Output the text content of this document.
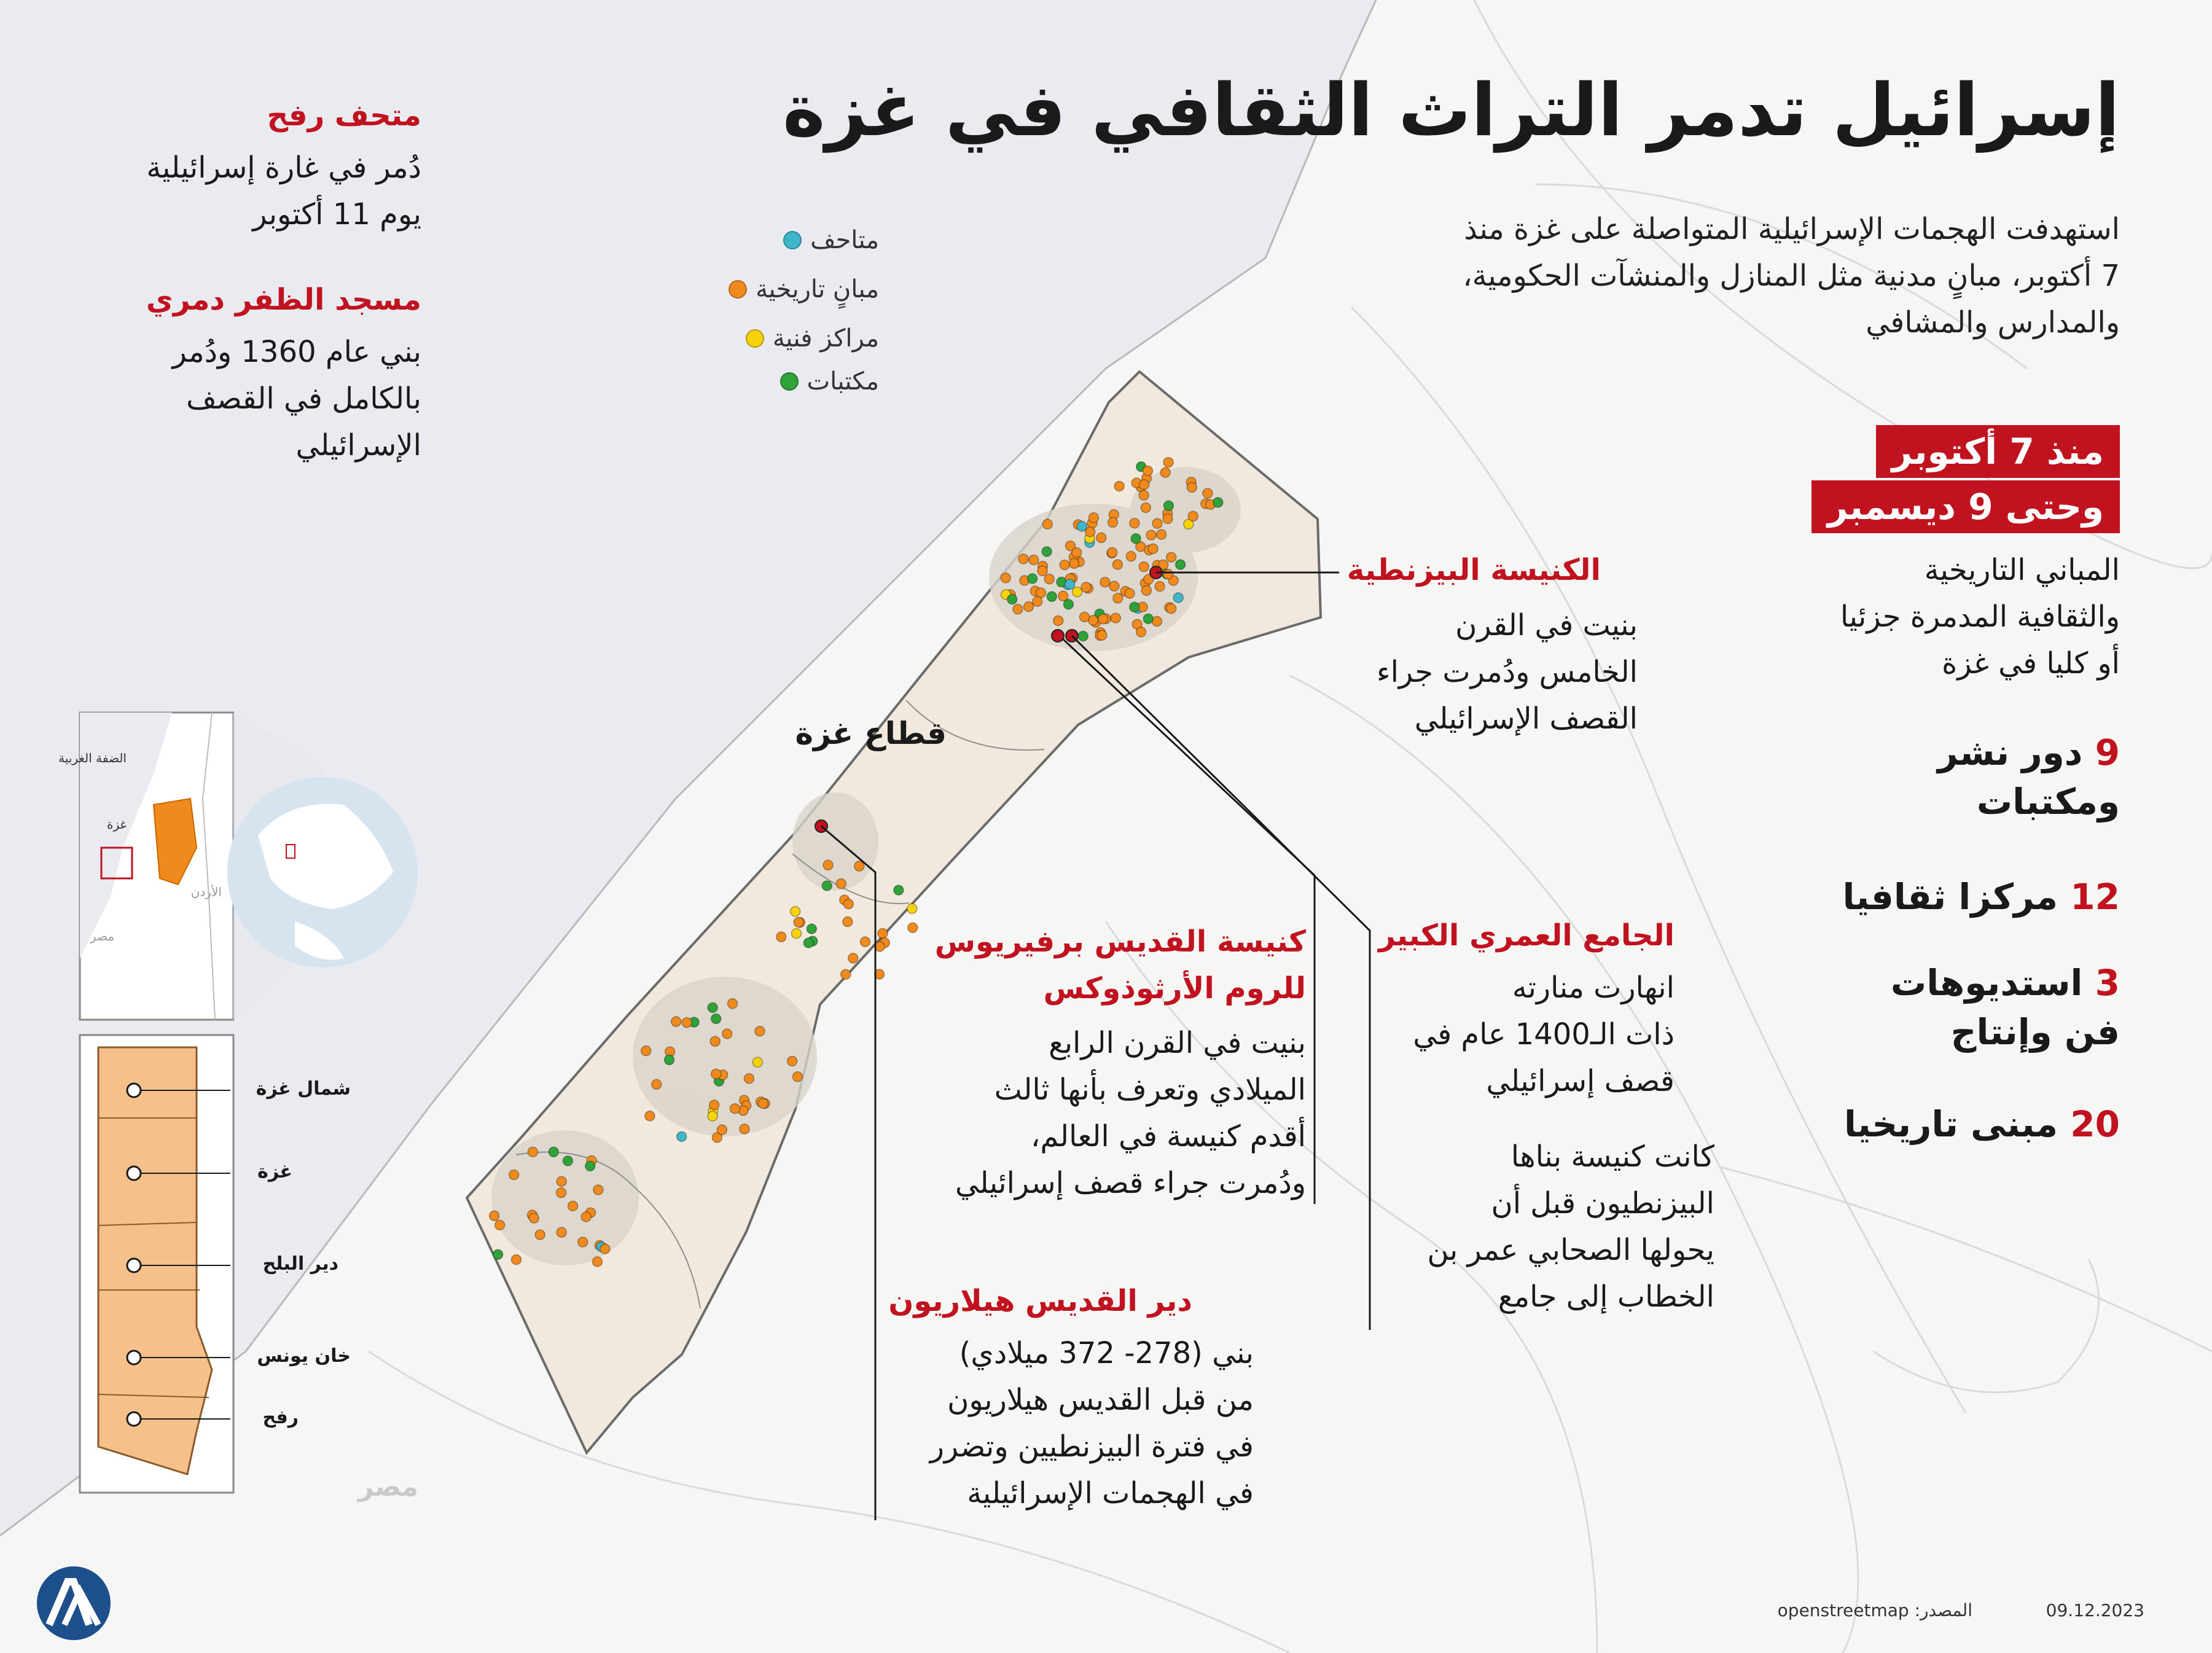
إسرائيل تدمر التراث الثقافي في غزة
استهدفت الهجمات الإسرائيلية المتواصلة على غزة منذ
7 أكتوبر، مبانٍ مدنية مثل المنازل والمنشآت الحكومية،
والمدارس والمشافي
منذ 7 أكتوبر
وحتى 9 ديسمبر
المباني التاريخية
والثقافية المدمرة جزئيا
أو كليا في غزة
9 دور نشر
ومكتبات
12 مركزا ثقافيا
3 استديوهات
فن وإنتاج
20 مبنى تاريخيا
متاحف
مبانٍ تاريخية
مراكز فنية
مكتبات
متحف رفح
دُمر في غارة إسرائيلية
يوم 11 أكتوبر
مسجد الظفر دمري
بني عام 1360 ودُمر
بالكامل في القصف
الإسرائيلي
الكنيسة البيزنطية
بنيت في القرن
الخامس ودُمرت جراء
القصف الإسرائيلي
الجامع العمري الكبير
انهارت منارته
ذات الـ1400 عام في
قصف إسرائيلي
كانت كنيسة بناها
البيزنطيون قبل أن
يحولها الصحابي عمر بن
الخطاب إلى جامع
كنيسة القديس برفيريوس
للروم الأرثوذوكس
بنيت في القرن الرابع
الميلادي وتعرف بأنها ثالث
أقدم كنيسة في العالم،
ودُمرت جراء قصف إسرائيلي
دير القديس هيلاريون
بني (278- 372 ميلادي)
من قبل القديس هيلاريون
في فترة البيزنطيين وتضرر
في الهجمات الإسرائيلية
قطاع غزة
مصر
الضفة الغربية
غزة
الأردن
مصر
شمال غزة
غزة
دير البلح
خان يونس
رفح
09.12.2023
المصدر: openstreetmap
